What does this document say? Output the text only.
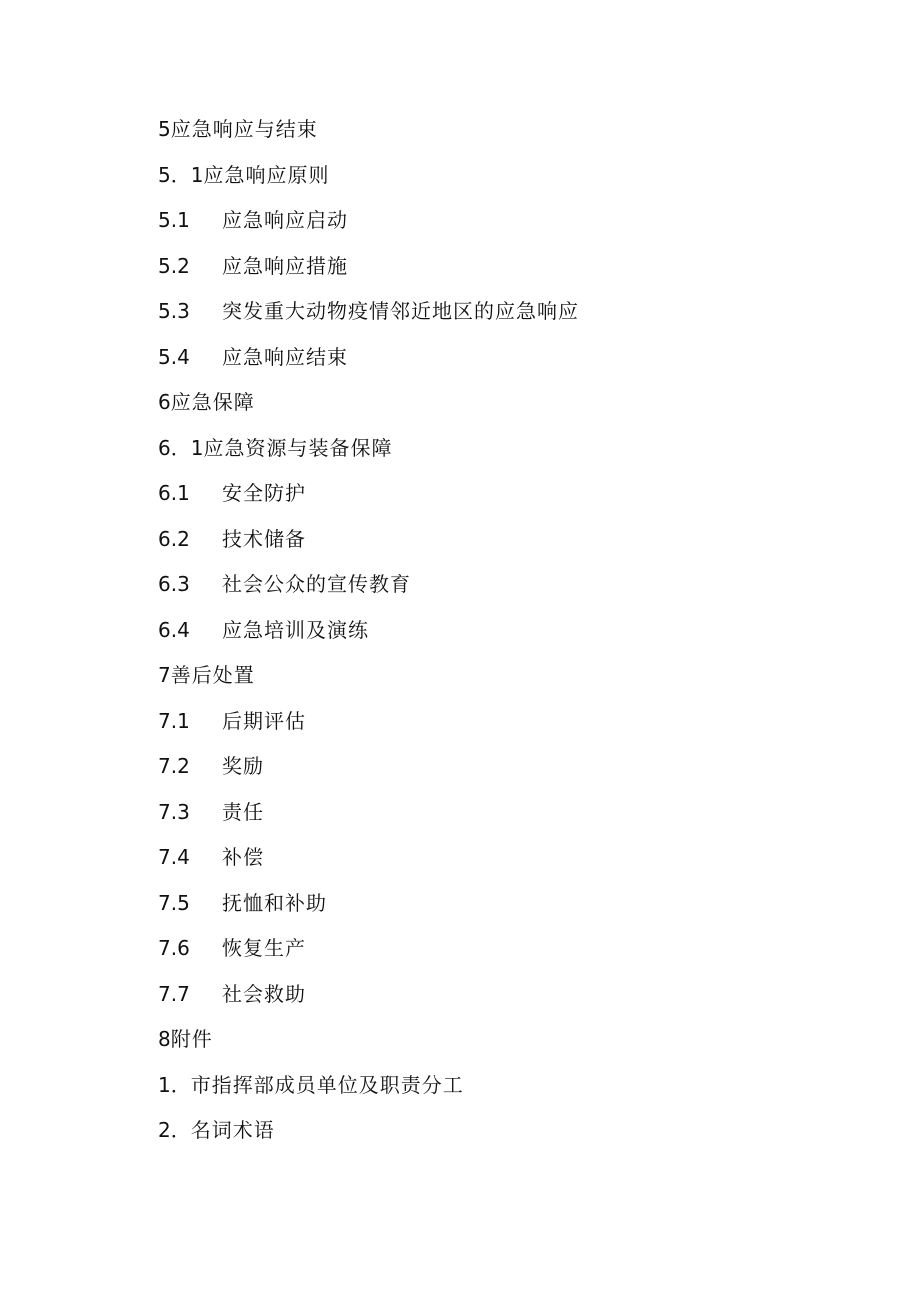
5应急响应与结束
5．1应急响应原则
5.1 应急响应启动
5.2 应急响应措施
5.3 突发重大动物疫情邻近地区的应急响应
5.4 应急响应结束
6应急保障
6．1应急资源与装备保障
6.1 安全防护
6.2 技术储备
6.3 社会公众的宣传教育
6.4 应急培训及演练
7善后处置
7.1 后期评估
7.2 奖励
7.3 责任
7.4 补偿
7.5 抚恤和补助
7.6 恢复生产
7.7 社会救助
8附件
1．市指挥部成员单位及职责分工
2．名词术语
